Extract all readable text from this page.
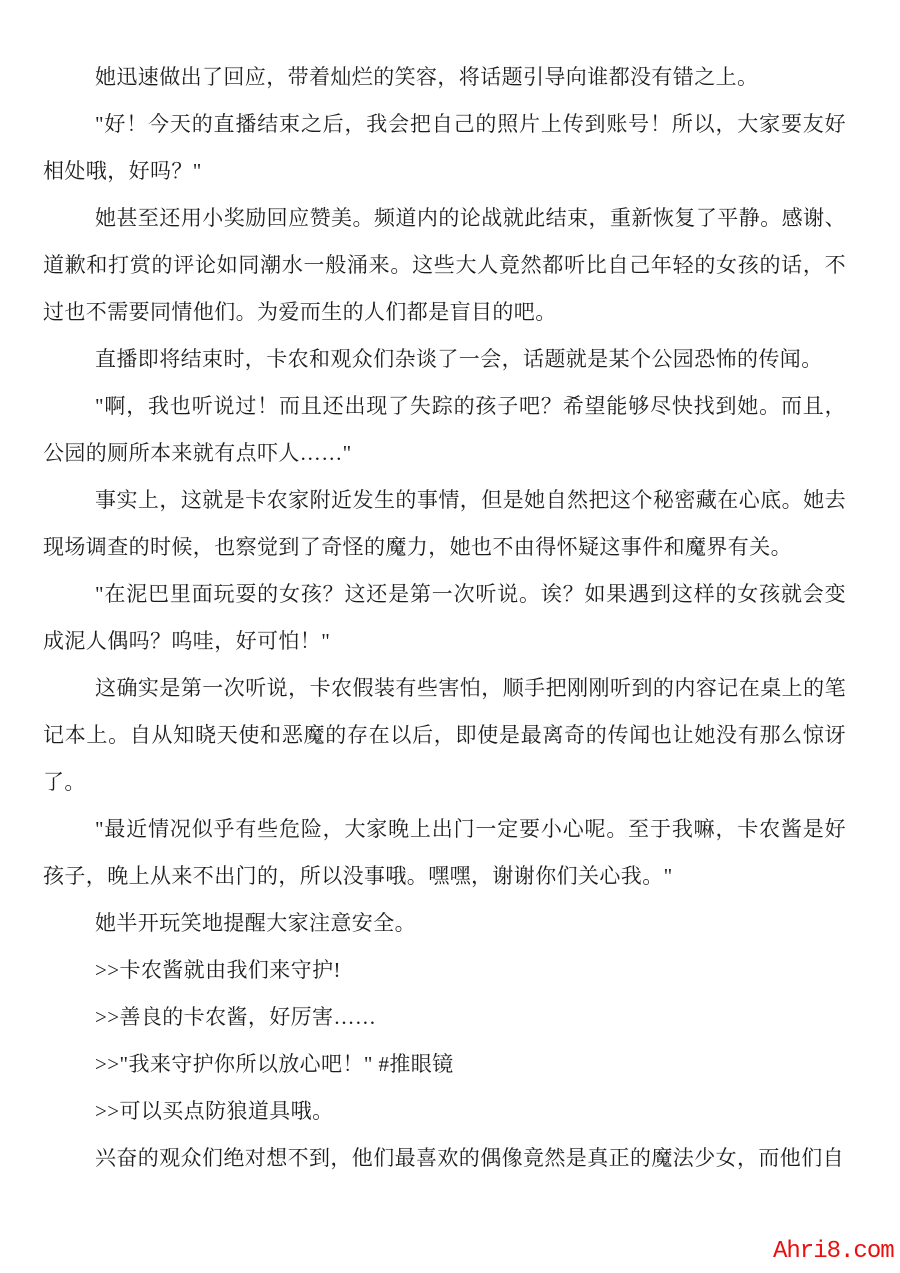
她迅速做出了回应，带着灿烂的笑容，将话题引导向谁都没有错之上。

"好！今天的直播结束之后，我会把自己的照片上传到账号！所以，大家要友好相处哦，好吗？"

她甚至还用小奖励回应赞美。频道内的论战就此结束，重新恢复了平静。感谢、道歉和打赏的评论如同潮水一般涌来。这些大人竟然都听比自己年轻的女孩的话，不过也不需要同情他们。为爱而生的人们都是盲目的吧。

直播即将结束时，卡农和观众们杂谈了一会，话题就是某个公园恐怖的传闻。

"啊，我也听说过！而且还出现了失踪的孩子吧？希望能够尽快找到她。而且，公园的厕所本来就有点吓人……"

事实上，这就是卡农家附近发生的事情，但是她自然把这个秘密藏在心底。她去现场调查的时候，也察觉到了奇怪的魔力，她也不由得怀疑这事件和魔界有关。

"在泥巴里面玩耍的女孩？这还是第一次听说。诶？如果遇到这样的女孩就会变成泥人偶吗？呜哇，好可怕！"

这确实是第一次听说，卡农假装有些害怕，顺手把刚刚听到的内容记在桌上的笔记本上。自从知晓天使和恶魔的存在以后，即使是最离奇的传闻也让她没有那么惊讶了。

"最近情况似乎有些危险，大家晚上出门一定要小心呢。至于我嘛，卡农酱是好孩子，晚上从来不出门的，所以没事哦。嘿嘿，谢谢你们关心我。"

她半开玩笑地提醒大家注意安全。

>>卡农酱就由我们来守护!

>>善良的卡农酱，好厉害……

>>"我来守护你所以放心吧！" #推眼镜

>>可以买点防狼道具哦。

兴奋的观众们绝对想不到，他们最喜欢的偶像竟然是真正的魔法少女，而他们自

Ahri8.com
